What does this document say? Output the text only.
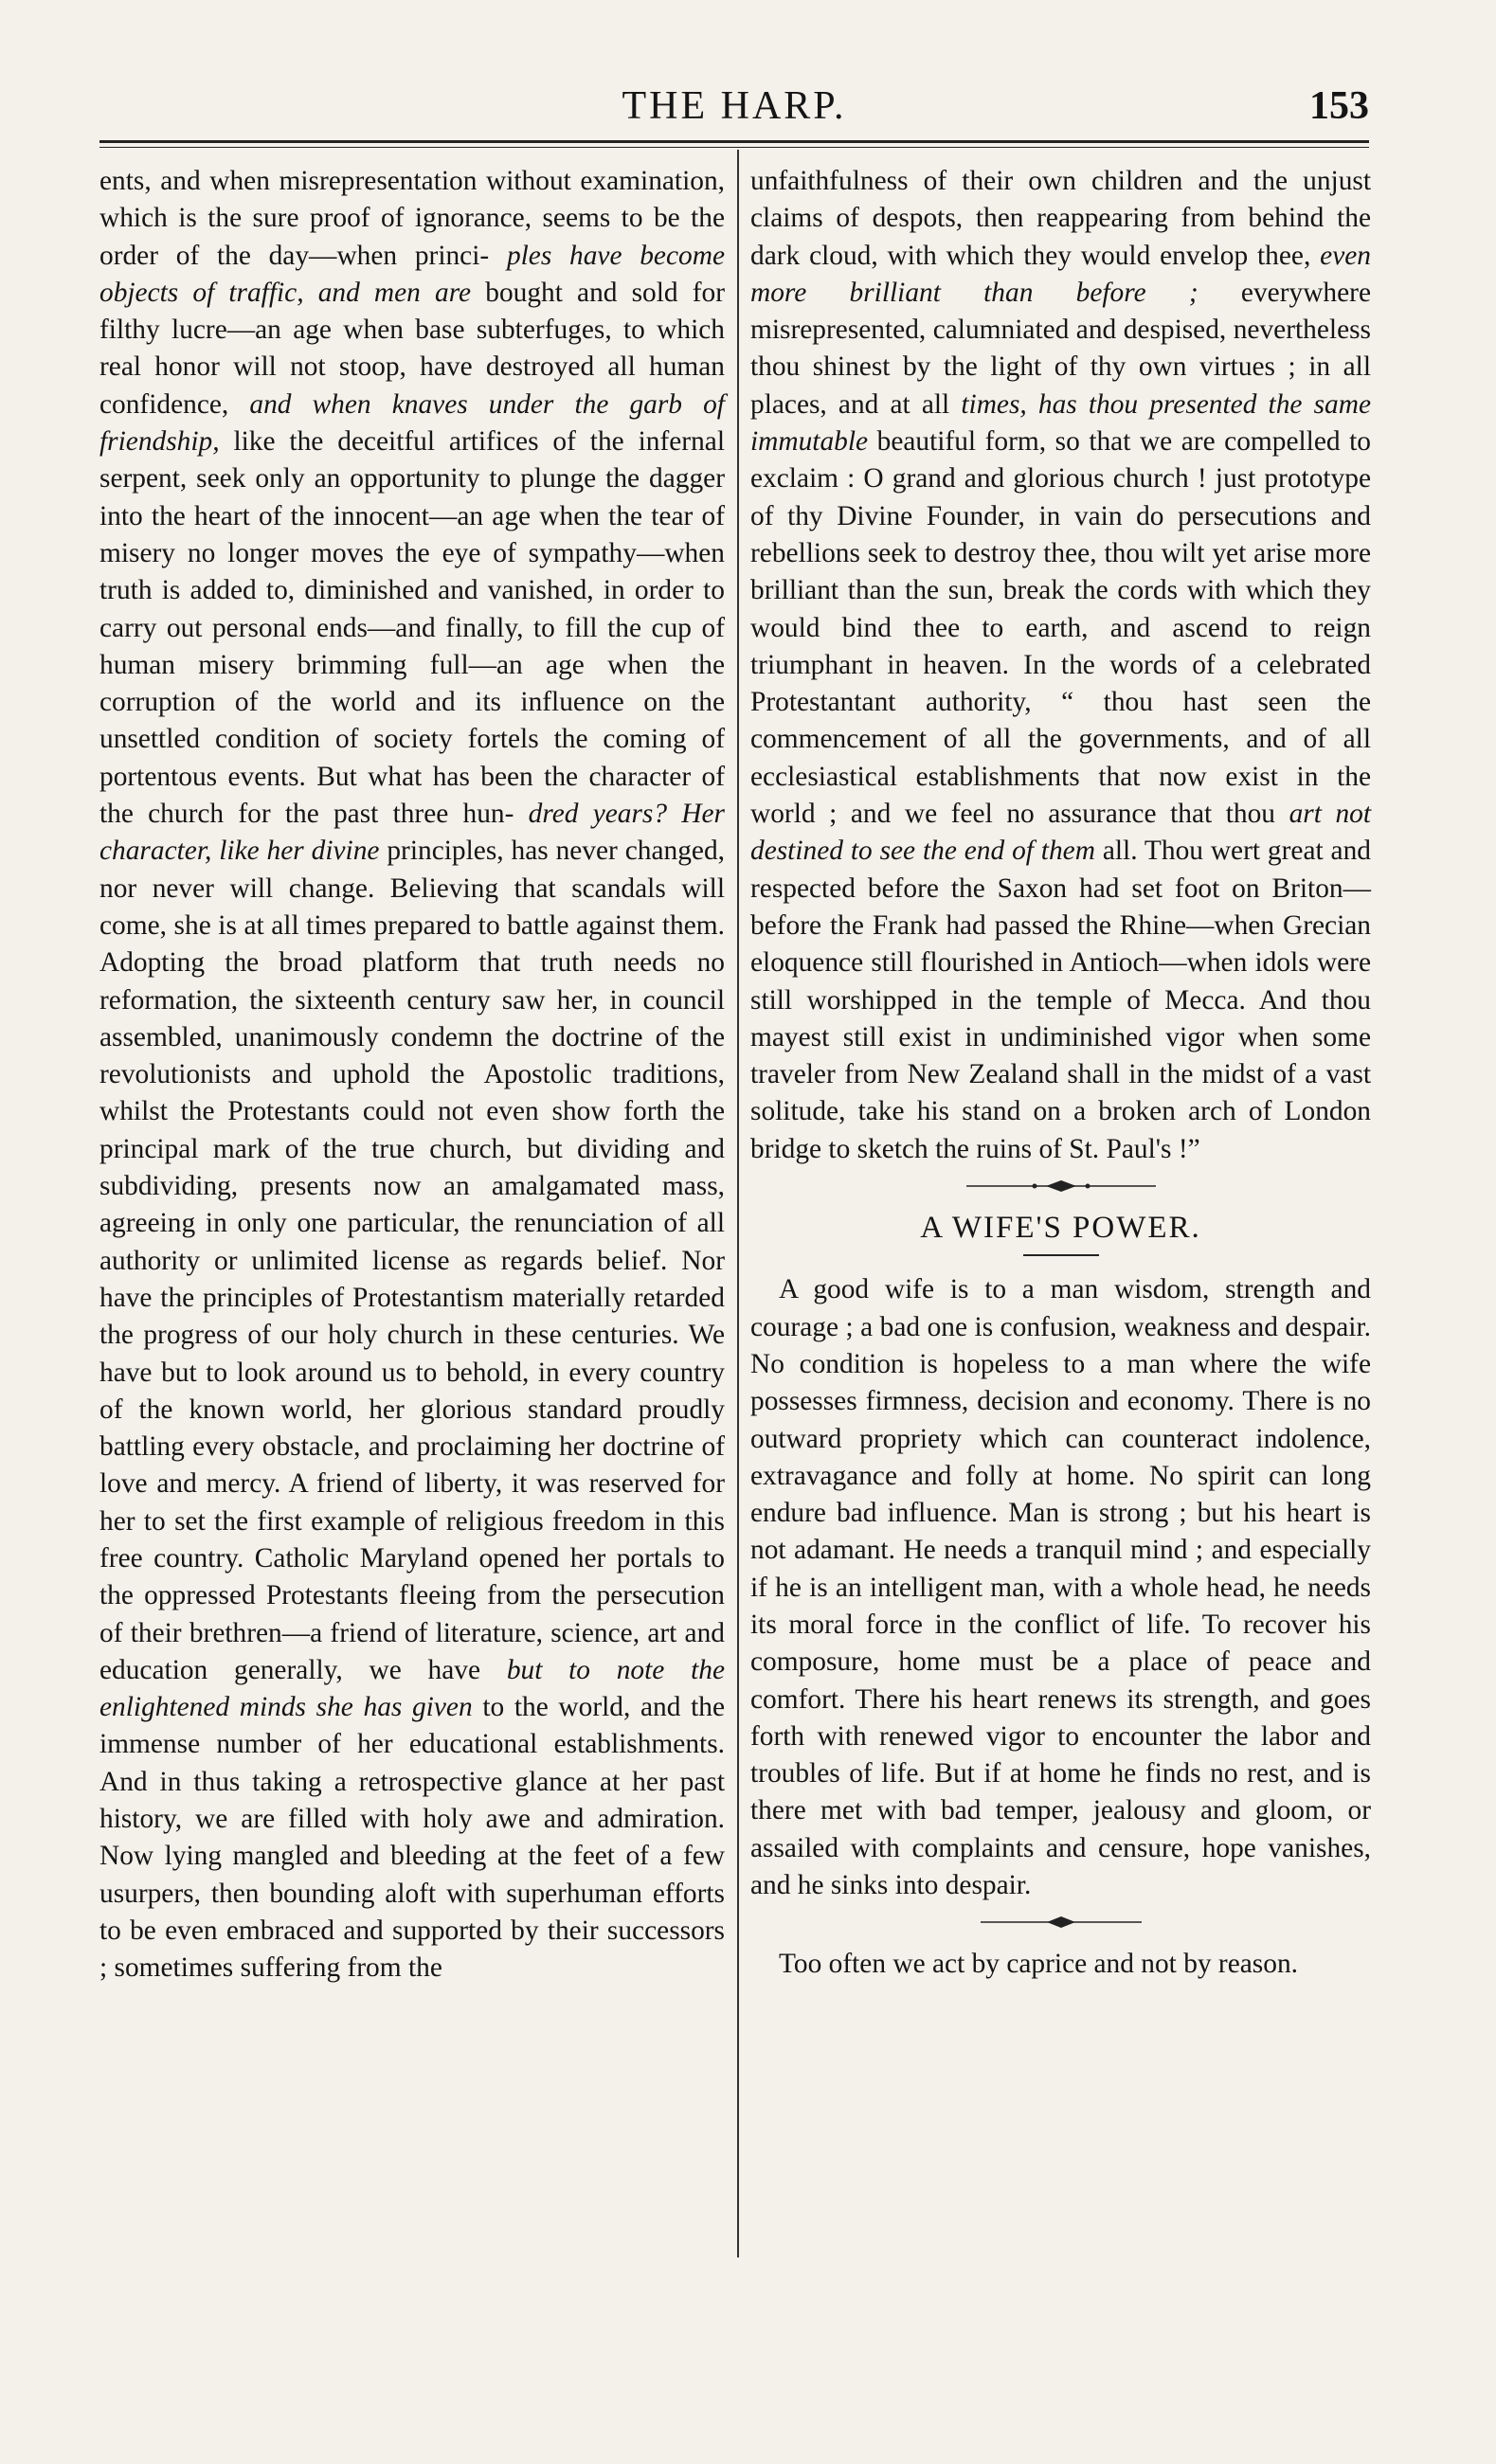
THE HARP.	153

ents, and when misrepresentation without examination, which is the sure proof of ignorance, seems to be the order of the day—when princi- ples have become objects of traffic, and men are bought and sold for filthy lucre—an age when base subterfuges, to which real honor will not stoop, have destroyed all human confidence, and when knaves under the garb of friendship, like the deceitful artifices of the infernal serpent, seek only an opportunity to plunge the dagger into the heart of the innocent—an age when the tear of misery no longer moves the eye of sympathy—when truth is added to, diminished and vanished, in order to carry out personal ends—and finally, to fill the cup of human misery brimming full—an age when the corruption of the world and its influence on the unsettled condition of society fortels the coming of portentous events. But what has been the character of the church for the past three hun- dred years? Her character, like her divine principles, has never changed, nor never will change. Believing that scandals will come, she is at all times prepared to battle against them. Adopting the broad platform that truth needs no reformation, the sixteenth century saw her, in council assembled, unanimously condemn the doctrine of the revolutionists and uphold the Apostolic traditions, whilst the Protestants could not even show forth the principal mark of the true church, but dividing and subdividing, presents now an amalgamated mass, agreeing in only one particular, the renunciation of all authority or unlimited license as regards belief. Nor have the principles of Protestantism materially retarded the progress of our holy church in these centuries. We have but to look around us to behold, in every country of the known world, her glorious standard proudly battling every obstacle, and proclaiming her doctrine of love and mercy. A friend of liberty, it was reserved for her to set the first example of religious freedom in this free country. Catholic Maryland opened her portals to the oppressed Protestants fleeing from the persecution of their brethren—a friend of literature, science, art and education generally, we have but to note the enlightened minds she has given to the world, and the immense number of her educational establishments. And in thus taking a retrospective glance at her past history, we are filled with holy awe and admiration. Now lying mangled and bleeding at the feet of a few usurpers, then bounding aloft with superhuman efforts to be even embraced and supported by their successors ; sometimes suffering from the

unfaithfulness of their own children and the unjust claims of despots, then reappearing from behind the dark cloud, with which they would envelop thee, even more brilliant than before ; everywhere misrepresented, calumniated and despised, nevertheless thou shinest by the light of thy own virtues ; in all places, and at all times, has thou presented the same immutable beautiful form, so that we are compelled to exclaim : O grand and glorious church ! just prototype of thy Divine Founder, in vain do persecutions and rebellions seek to destroy thee, thou wilt yet arise more brilliant than the sun, break the cords with which they would bind thee to earth, and ascend to reign triumphant in heaven. In the words of a celebrated Protestantant authority, “ thou hast seen the commencement of all the governments, and of all ecclesiastical establishments that now exist in the world ; and we feel no assurance that thou art not destined to see the end of them all. Thou wert great and respected before the Saxon had set foot on Briton—before the Frank had passed the Rhine—when Grecian eloquence still flourished in Antioch—when idols were still worshipped in the temple of Mecca. And thou mayest still exist in undiminished vigor when some traveler from New Zealand shall in the midst of a vast solitude, take his stand on a broken arch of London bridge to sketch the ruins of St. Paul's !”

A WIFE'S POWER.

A good wife is to a man wisdom, strength and courage ; a bad one is confusion, weakness and despair. No condition is hopeless to a man where the wife possesses firmness, decision and economy. There is no outward propriety which can counteract indolence, extravagance and folly at home. No spirit can long endure bad influence. Man is strong ; but his heart is not adamant. He needs a tranquil mind ; and especially if he is an intelligent man, with a whole head, he needs its moral force in the conflict of life. To recover his composure, home must be a place of peace and comfort. There his heart renews its strength, and goes forth with renewed vigor to encounter the labor and troubles of life. But if at home he finds no rest, and is there met with bad temper, jealousy and gloom, or assailed with complaints and censure, hope vanishes, and he sinks into despair.

Too often we act by caprice and not by reason.
